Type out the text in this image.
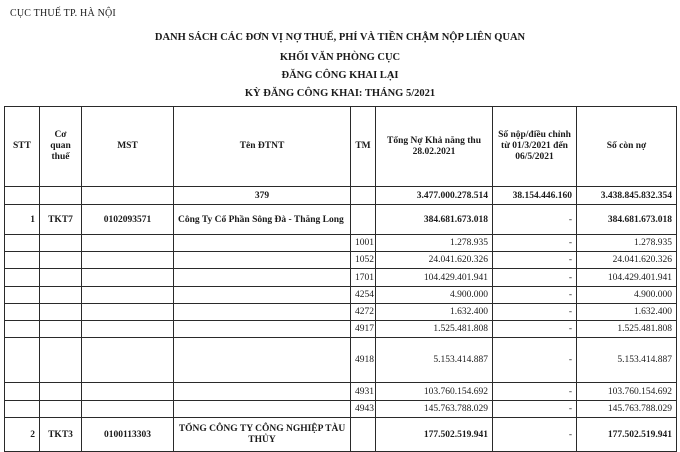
CỤC THUẾ TP. HÀ NỘI
DANH SÁCH CÁC ĐƠN VỊ NỢ THUẾ, PHÍ VÀ TIỀN CHẬM NỘP LIÊN QUAN
KHỐI VĂN PHÒNG CỤC
ĐĂNG CÔNG KHAI LẠI
KỲ ĐĂNG CÔNG KHAI: THÁNG 5/2021
STT	Cơ quan thuế	MST	Tên ĐTNT	TM	Tổng Nợ Khả năng thu 28.02.2021	Số nộp/điều chỉnh từ 01/3/2021 đến 06/5/2021	Số còn nợ
			379		3.477.000.278.514	38.154.446.160	3.438.845.832.354
1	TKT7	0102093571	Công Ty Cổ Phần Sông Đà - Thăng Long		384.681.673.018	-	384.681.673.018
				1001	1.278.935	-	1.278.935
				1052	24.041.620.326	-	24.041.620.326
				1701	104.429.401.941	-	104.429.401.941
				4254	4.900.000	-	4.900.000
				4272	1.632.400	-	1.632.400
				4917	1.525.481.808	-	1.525.481.808
				4918	5.153.414.887	-	5.153.414.887
				4931	103.760.154.692	-	103.760.154.692
				4943	145.763.788.029	-	145.763.788.029
2	TKT3	0100113303	TỔNG CÔNG TY CÔNG NGHIỆP TÀU THỦY		177.502.519.941	-	177.502.519.941
